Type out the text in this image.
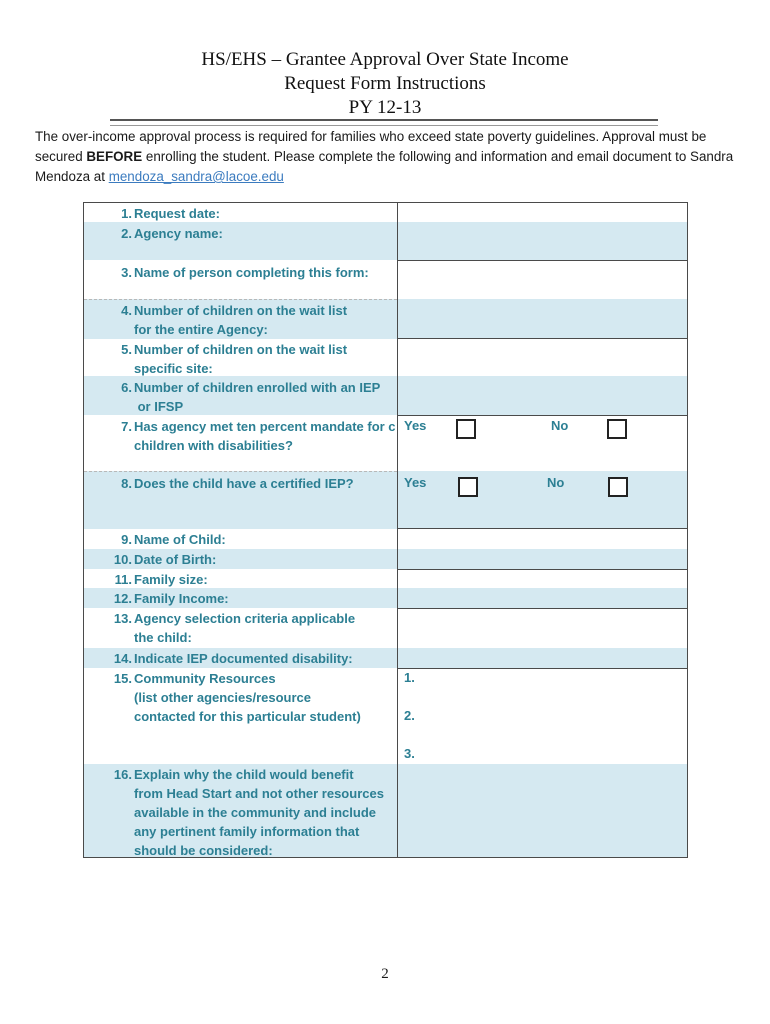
HS/EHS – Grantee Approval Over State Income
Request Form Instructions
PY 12-13
The over-income approval process is required for families who exceed state poverty guidelines. Approval must be secured BEFORE enrolling the student. Please complete the following and information and email document to Sandra Mendoza at mendoza_sandra@lacoe.edu
1. Request date:
2. Agency name:
3. Name of person completing this form:
4. Number of children on the wait list
for the entire Agency:
5. Number of children on the wait list
specific site:
6. Number of children enrolled with an IEP
or IFSP
7. Has agency met ten percent mandate for c
children with disabilities?
8. Does the child have a certified IEP?
9. Name of Child:
10. Date of Birth:
11. Family size:
12. Family Income:
13. Agency selection criteria applicable
the child:
14. Indicate IEP documented disability:
15. Community Resources
(list other agencies/resource
contacted for this particular student)
16. Explain why the child would benefit
from Head Start and not other resources
available in the community and include
any pertinent family information that
should be considered:
Yes	No
Yes	No
1.
2.
3.
2
